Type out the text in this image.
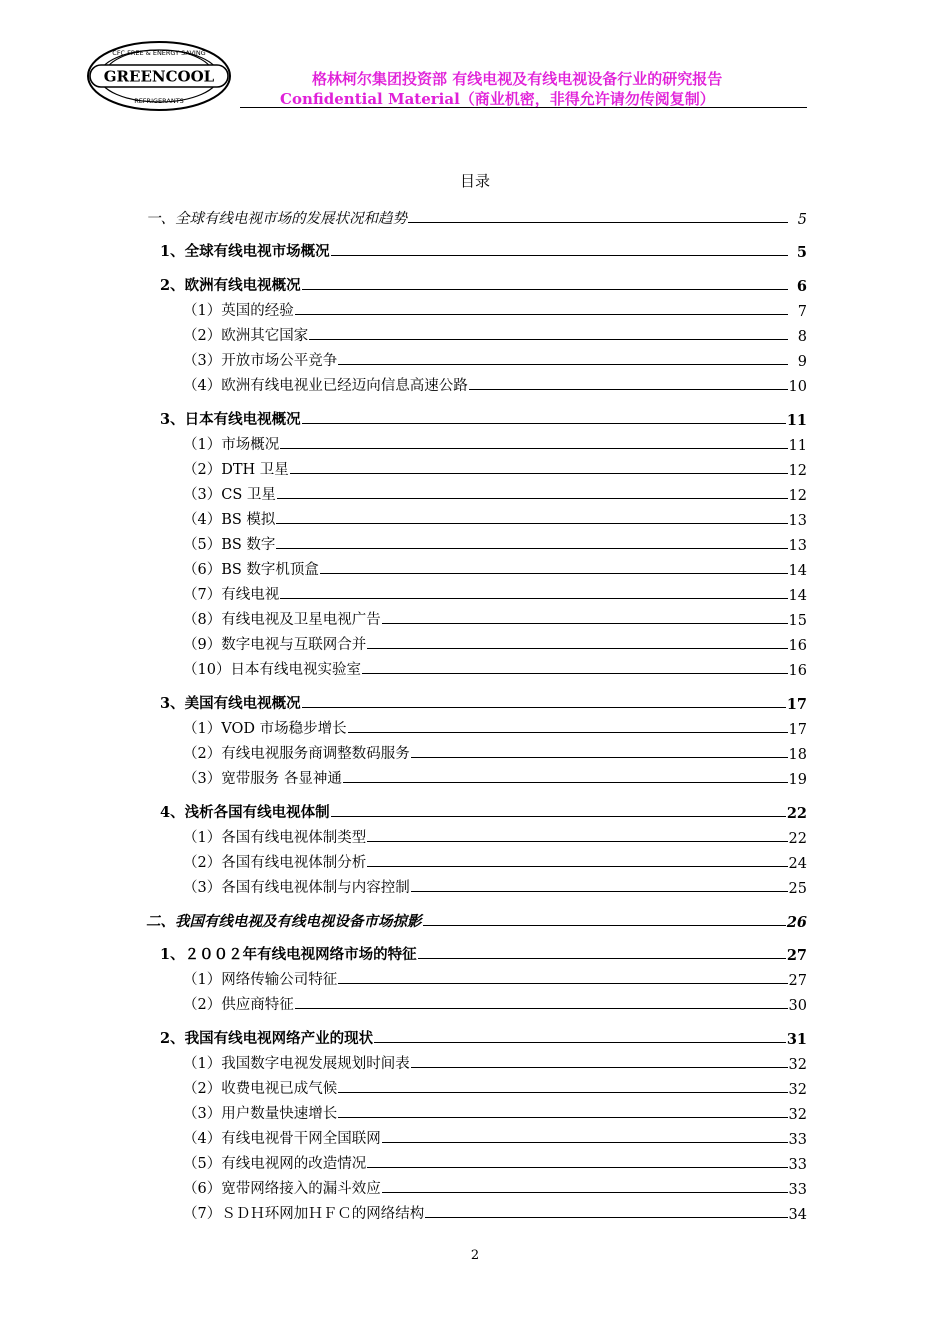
GREENCOOL
CFC FREE & ENERGY SAVING
REFRIGERANTS
格林柯尔集团投资部 有线电视及有线电视设备行业的研究报告
Confidential Material（商业机密，非得允许请勿传阅复制）
目录
一、全球有线电视市场的发展状况和趋势	5
1、全球有线电视市场概况	5
2、欧洲有线电视概况	6
（1）英国的经验	7
（2）欧洲其它国家	8
（3）开放市场公平竞争	9
（4）欧洲有线电视业已经迈向信息高速公路	10
3、日本有线电视概况	11
（1）市场概况	11
（2）DTH 卫星	12
（3）CS 卫星	12
（4）BS 模拟	13
（5）BS 数字	13
（6）BS 数字机顶盒	14
（7）有线电视	14
（8）有线电视及卫星电视广告	15
（9）数字电视与互联网合并	16
（10）日本有线电视实验室	16
3、美国有线电视概况	17
（1）VOD 市场稳步增长	17
（2）有线电视服务商调整数码服务	18
（3）宽带服务 各显神通	19
4、浅析各国有线电视体制	22
（1）各国有线电视体制类型	22
（2）各国有线电视体制分析	24
（3）各国有线电视体制与内容控制	25
二、我国有线电视及有线电视设备市场掠影	26
1、２００２年有线电视网络市场的特征	27
（1）网络传输公司特征	27
（2）供应商特征	30
2、我国有线电视网络产业的现状	31
（1）我国数字电视发展规划时间表	32
（2）收费电视已成气候	32
（3）用户数量快速增长	32
（4）有线电视骨干网全国联网	33
（5）有线电视网的改造情况	33
（6）宽带网络接入的漏斗效应	33
（7）ＳＤＨ环网加ＨＦＣ的网络结构	34
2
